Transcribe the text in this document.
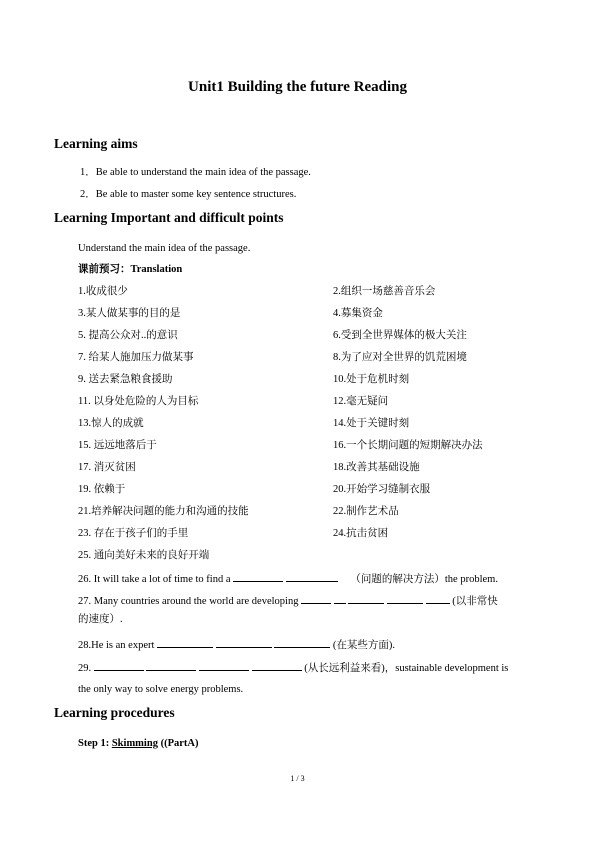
Unit1 Building the future Reading
Learning aims
1．Be able to understand the main idea of the passage.
2．Be able to master some key sentence structures.
Learning Important and difficult points
Understand the main idea of the passage.
课前预习：Translation
1.收成很少	2.组织一场慈善音乐会
3.某人做某事的目的是	4.募集资金
5. 提高公众对..的意识	6.受到全世界媒体的极大关注
7. 给某人施加压力做某事	8.为了应对全世界的饥荒困境
9. 送去紧急粮食援助	10.处于危机时刻
11. 以身处危险的人为目标	12.毫无疑问
13.惊人的成就	14.处于关键时刻
15. 远远地落后于	16.一个长期问题的短期解决办法
17. 消灭贫困	18.改善其基础设施
19. 依赖于	20.开始学习缝制衣服
21.培养解决问题的能力和沟通的技能	22.制作艺术品
23. 存在于孩子们的手里	24.抗击贫困
25. 通向美好未来的良好开端
26. It will take a lot of time to find a	（问题的解决方法）the problem.
27. Many countries around the world are developing	(以非常快
的速度）.
28.He is an expert	(在某些方面).
29.	(从长远利益来看)，sustainable development is
the only way to solve energy problems.
Learning procedures
Step 1: Skimming ((PartA)
1 / 3
